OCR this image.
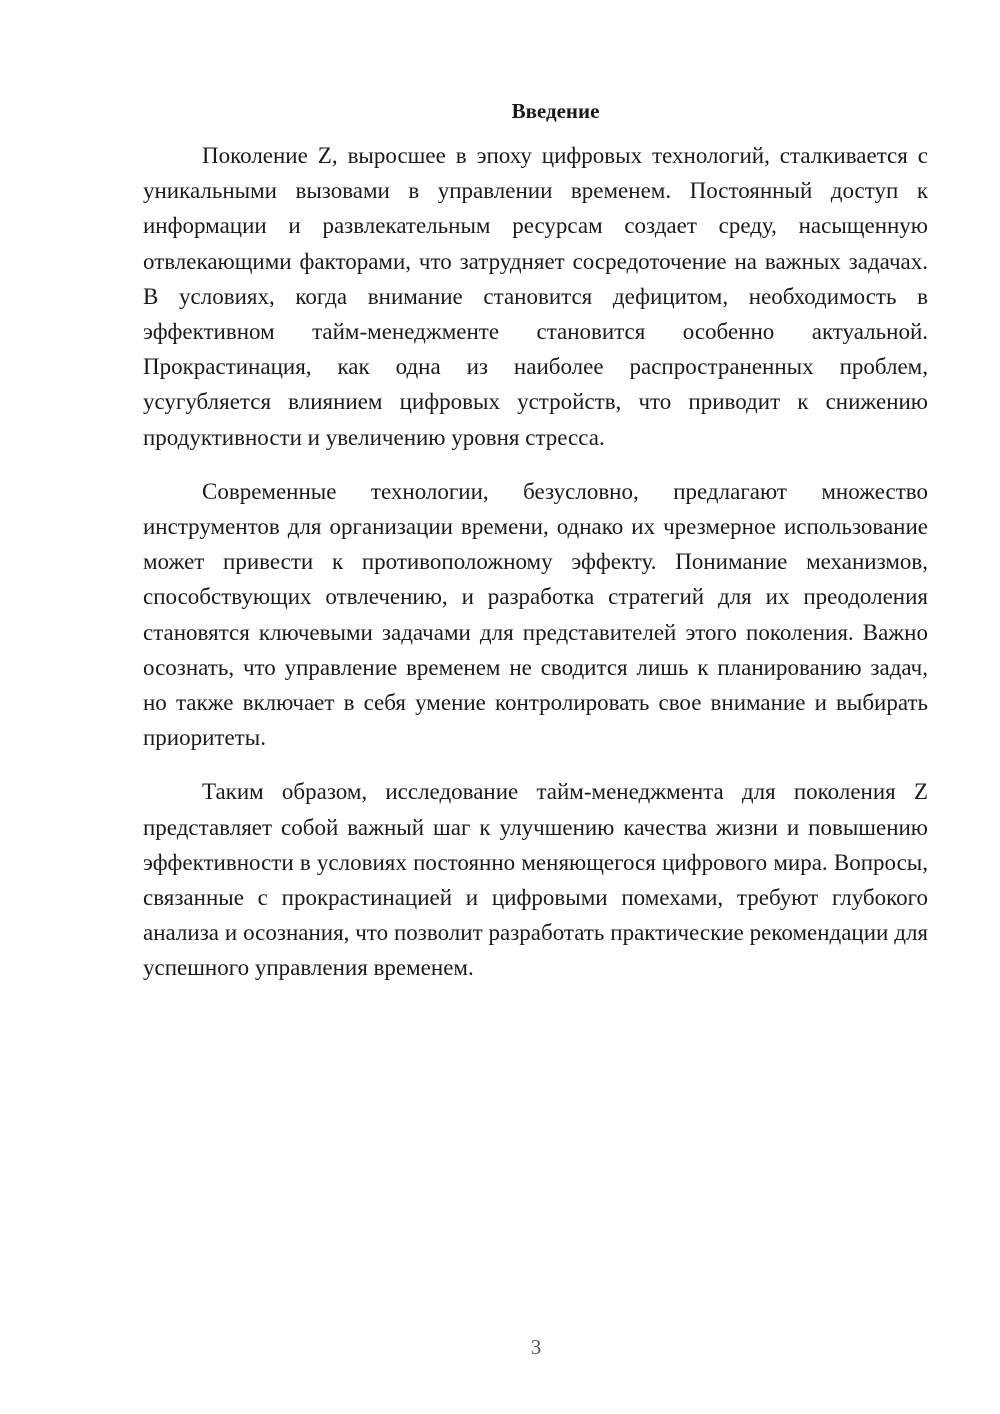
Введение

Поколение Z, выросшее в эпоху цифровых технологий, сталкивается с уникальными вызовами в управлении временем. Постоянный доступ к информации и развлекательным ресурсам создает среду, насыщенную отвлекающими факторами, что затрудняет сосредоточение на важных задачах. В условиях, когда внимание становится дефицитом, необходимость в эффективном тайм-менеджменте становится особенно актуальной. Прокрастинация, как одна из наиболее распространенных проблем, усугубляется влиянием цифровых устройств, что приводит к снижению продуктивности и увеличению уровня стресса.

Современные технологии, безусловно, предлагают множество инструментов для организации времени, однако их чрезмерное использование может привести к противоположному эффекту. Понимание механизмов, способствующих отвлечению, и разработка стратегий для их преодоления становятся ключевыми задачами для представителей этого поколения. Важно осознать, что управление временем не сводится лишь к планированию задач, но также включает в себя умение контролировать свое внимание и выбирать приоритеты.

Таким образом, исследование тайм-менеджмента для поколения Z представляет собой важный шаг к улучшению качества жизни и повышению эффективности в условиях постоянно меняющегося цифрового мира. Вопросы, связанные с прокрастинацией и цифровыми помехами, требуют глубокого анализа и осознания, что позволит разработать практические рекомендации для успешного управления временем.

3
